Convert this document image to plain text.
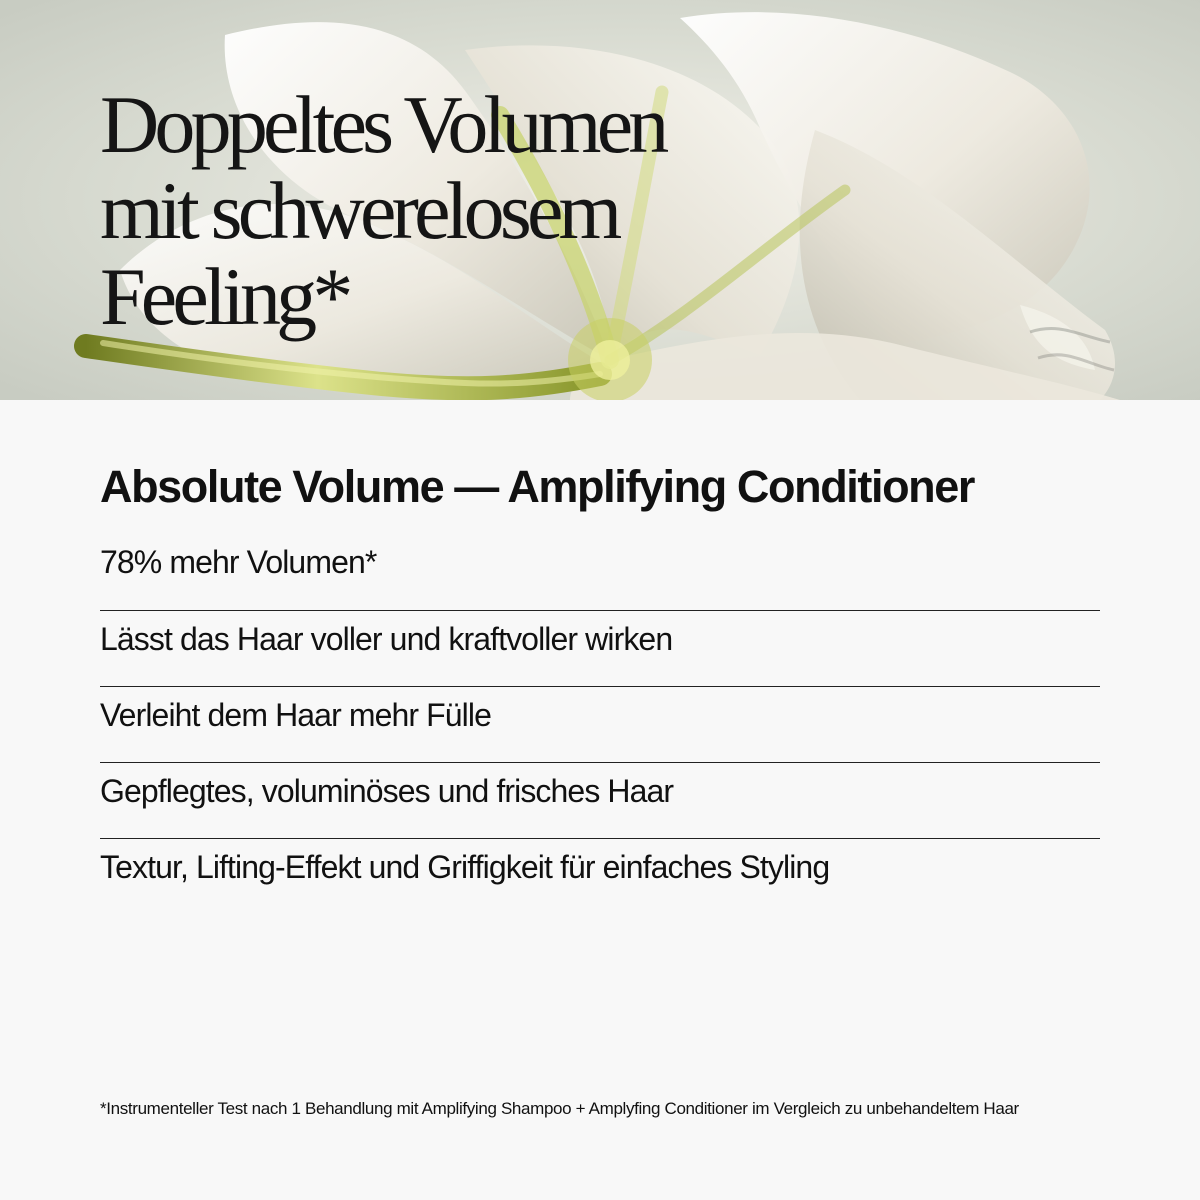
Doppeltes Volumen
mit schwerelosem
Feeling*
Absolute Volume — Amplifying Conditioner
78% mehr Volumen*
Lässt das Haar voller und kraftvoller wirken
Verleiht dem Haar mehr Fülle
Gepflegtes, voluminöses und frisches Haar
Textur, Lifting-Effekt und Griffigkeit für einfaches Styling

*Instrumenteller Test nach 1 Behandlung mit Amplifying Shampoo + Amplyfing Conditioner im Vergleich zu unbehandeltem Haar
